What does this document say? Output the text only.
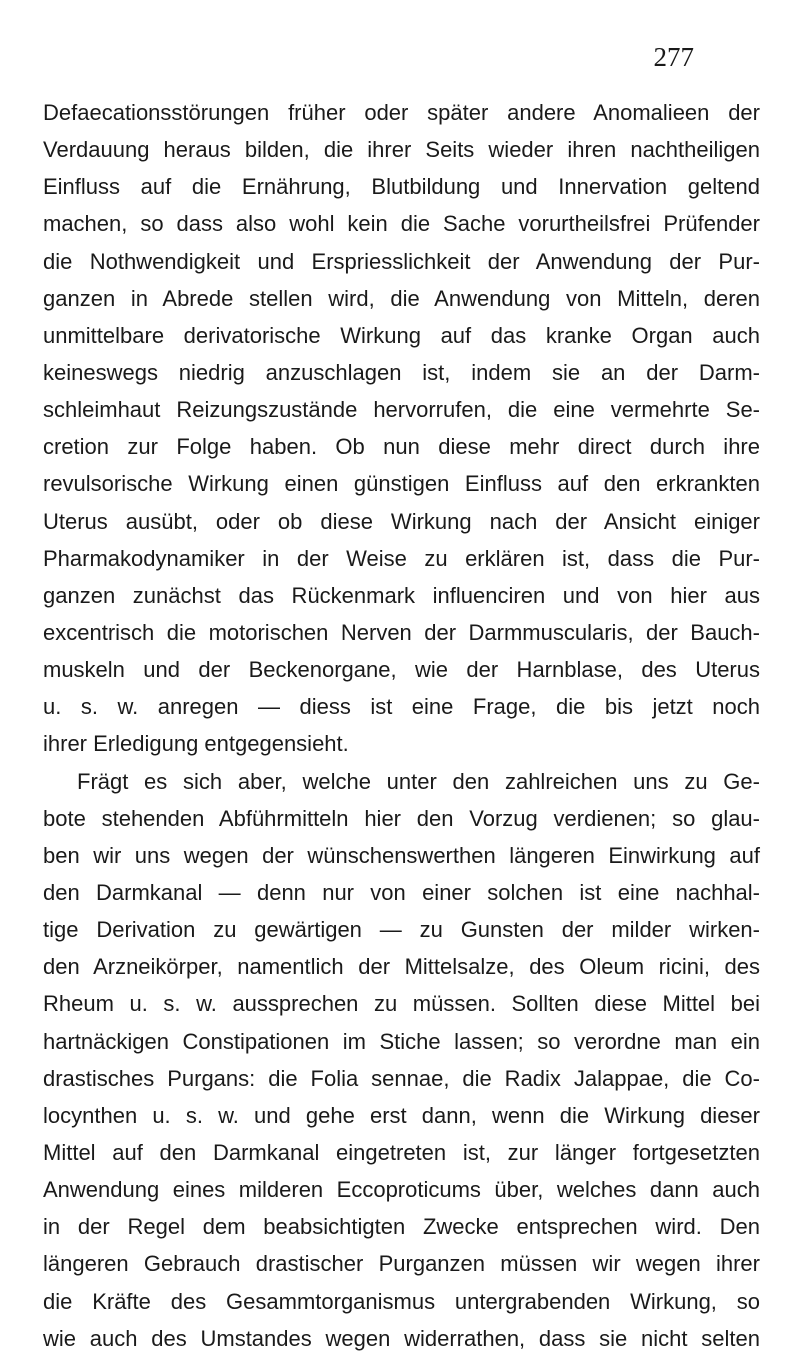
277
Defaecationsstörungen früher oder später andere Anomalieen der
Verdauung heraus bilden, die ihrer Seits wieder ihren nachtheiligen
Einfluss auf die Ernährung, Blutbildung und Innervation geltend
machen, so dass also wohl kein die Sache vorurtheilsfrei Prüfender
die Nothwendigkeit und Erspriesslichkeit der Anwendung der Pur-
ganzen in Abrede stellen wird, die Anwendung von Mitteln, deren
unmittelbare derivatorische Wirkung auf das kranke Organ auch
keineswegs niedrig anzuschlagen ist, indem sie an der Darm-
schleimhaut Reizungszustände hervorrufen, die eine vermehrte Se-
cretion zur Folge haben. Ob nun diese mehr direct durch ihre
revulsorische Wirkung einen günstigen Einfluss auf den erkrankten
Uterus ausübt, oder ob diese Wirkung nach der Ansicht einiger
Pharmakodynamiker in der Weise zu erklären ist, dass die Pur-
ganzen zunächst das Rückenmark influenciren und von hier aus
excentrisch die motorischen Nerven der Darmmuscularis, der Bauch-
muskeln und der Beckenorgane, wie der Harnblase, des Uterus
u. s. w. anregen — diess ist eine Frage, die bis jetzt noch
ihrer Erledigung entgegensieht.
Frägt es sich aber, welche unter den zahlreichen uns zu Ge-
bote stehenden Abführmitteln hier den Vorzug verdienen; so glau-
ben wir uns wegen der wünschenswerthen längeren Einwirkung auf
den Darmkanal — denn nur von einer solchen ist eine nachhal-
tige Derivation zu gewärtigen — zu Gunsten der milder wirken-
den Arzneikörper, namentlich der Mittelsalze, des Oleum ricini, des
Rheum u. s. w. aussprechen zu müssen. Sollten diese Mittel bei
hartnäckigen Constipationen im Stiche lassen; so verordne man ein
drastisches Purgans: die Folia sennae, die Radix Jalappae, die Co-
locynthen u. s. w. und gehe erst dann, wenn die Wirkung dieser
Mittel auf den Darmkanal eingetreten ist, zur länger fortgesetzten
Anwendung eines milderen Eccoproticums über, welches dann auch
in der Regel dem beabsichtigten Zwecke entsprechen wird. Den
längeren Gebrauch drastischer Purganzen müssen wir wegen ihrer
die Kräfte des Gesammtorganismus untergrabenden Wirkung, so
wie auch des Umstandes wegen widerrathen, dass sie nicht selten
